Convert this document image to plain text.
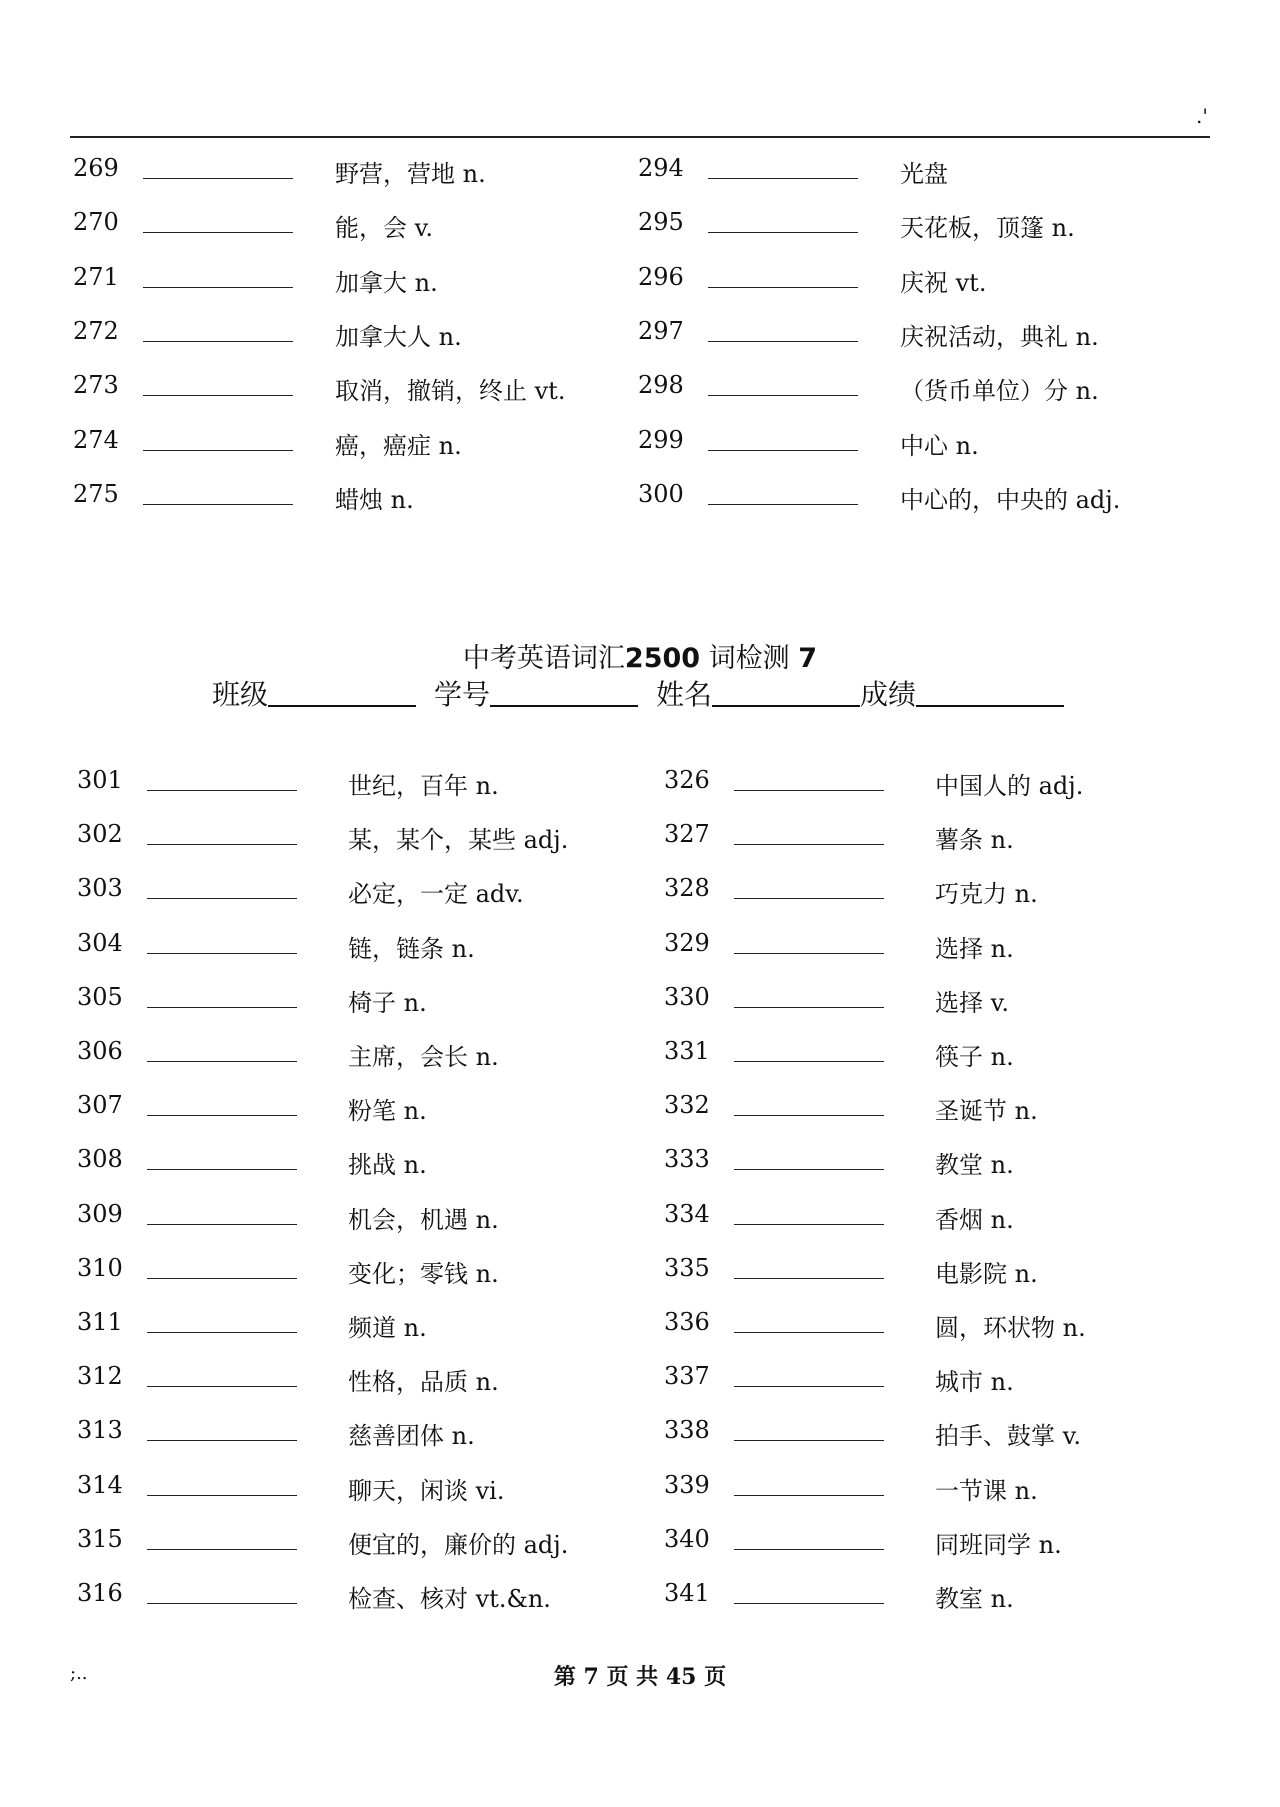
.'
269	野营，营地 n.
270	能，会 v.
271	加拿大 n.
272	加拿大人 n.
273	取消，撤销，终止 vt.
274	癌，癌症 n.
275	蜡烛 n.
294	光盘
295	天花板，顶篷 n.
296	庆祝 vt.
297	庆祝活动，典礼 n.
298	（货币单位）分 n.
299	中心 n.
300	中心的，中央的 adj.
中考英语词汇2500 词检测 7
班级	学号	姓名	成绩
301	世纪，百年 n.
302	某，某个，某些 adj.
303	必定，一定 adv.
304	链，链条 n.
305	椅子 n.
306	主席，会长 n.
307	粉笔 n.
308	挑战 n.
309	机会，机遇 n.
310	变化；零钱 n.
311	频道 n.
312	性格，品质 n.
313	慈善团体 n.
314	聊天，闲谈 vi.
315	便宜的，廉价的 adj.
316	检查、核对 vt.&n.
326	中国人的 adj.
327	薯条 n.
328	巧克力 n.
329	选择 n.
330	选择 v.
331	筷子 n.
332	圣诞节 n.
333	教堂 n.
334	香烟 n.
335	电影院 n.
336	圆，环状物 n.
337	城市 n.
338	拍手、鼓掌 v.
339	一节课 n.
340	同班同学 n.
341	教室 n.
;..	第 7 页 共 45 页
